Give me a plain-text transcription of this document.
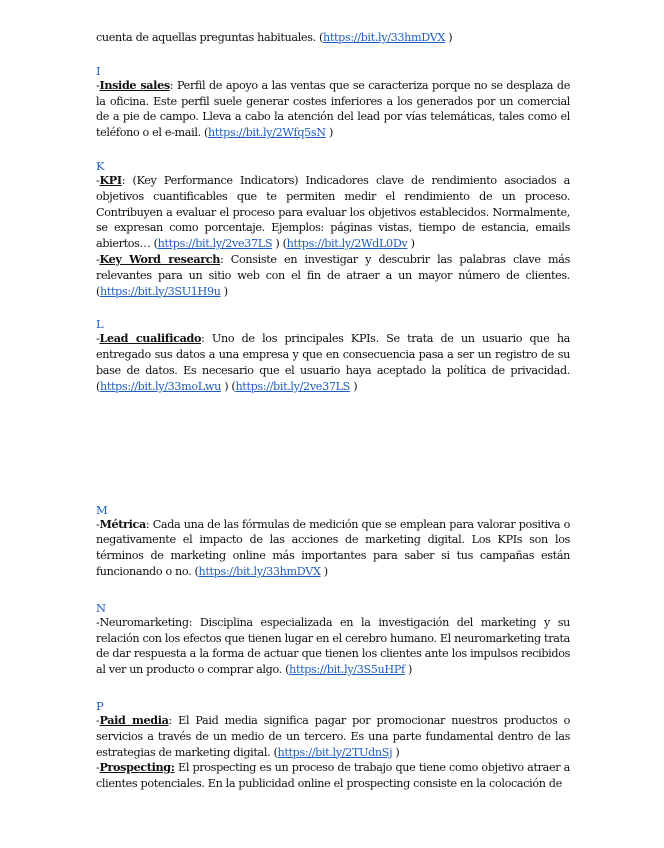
cuenta de aquellas preguntas habituales. (https://bit.ly/33hmDVX )

I

-Inside sales: Perfil de apoyo a las ventas que se caracteriza porque no se desplaza de la oficina. Este perfil suele generar costes inferiores a los generados por un comercial de a pie de campo. Lleva a cabo la atención del lead por vías telemáticas, tales como el teléfono o el e-mail. (https://bit.ly/2Wfq5sN )

K

-KPI: (Key Performance Indicators) Indicadores clave de rendimiento asociados a objetivos cuantificables que te permiten medir el rendimiento de un proceso. Contribuyen a evaluar el proceso para evaluar los objetivos establecidos. Normalmente, se expresan como porcentaje. Ejemplos: páginas vistas, tiempo de estancia, emails abiertos… (https://bit.ly/2ve37LS ) (https://bit.ly/2WdL0Dv )

-Key Word research: Consiste en investigar y descubrir las palabras clave más relevantes para un sitio web con el fin de atraer a un mayor número de clientes. (https://bit.ly/3SU1H9u )

L

-Lead cualificado: Uno de los principales KPIs. Se trata de un usuario que ha entregado sus datos a una empresa y que en consecuencia pasa a ser un registro de su base de datos. Es necesario que el usuario haya aceptado la política de privacidad. (https://bit.ly/33moLwu ) (https://bit.ly/2ve37LS )

M

-Métrica: Cada una de las fórmulas de medición que se emplean para valorar positiva o negativamente el impacto de las acciones de marketing digital. Los KPIs son los términos de marketing online más importantes para saber si tus campañas están funcionando o no. (https://bit.ly/33hmDVX )

N

-Neuromarketing: Disciplina especializada en la investigación del marketing y su relación con los efectos que tienen lugar en el cerebro humano. El neuromarketing trata de dar respuesta a la forma de actuar que tienen los clientes ante los impulsos recibidos al ver un producto o comprar algo. (https://bit.ly/3S5uHPf )

P

-Paid media: El Paid media significa pagar por promocionar nuestros productos o servicios a través de un medio de un tercero. Es una parte fundamental dentro de las estrategias de marketing digital. (https://bit.ly/2TUdnSj )

-Prospecting: El prospecting es un proceso de trabajo que tiene como objetivo atraer a clientes potenciales. En la publicidad online el prospecting consiste en la colocación de
